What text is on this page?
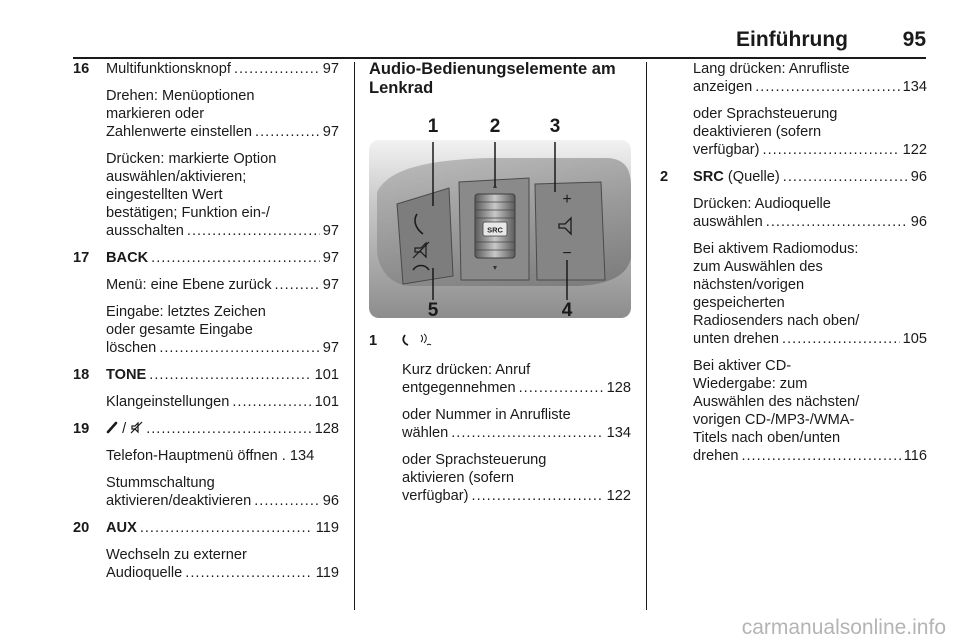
Einführung	95
16 Multifunktionsknopf .....	97
Drehen: Menüoptionen
markieren oder
Zahlenwerte einstellen .....	97
Drücken: markierte Option
auswählen/aktivieren;
eingestellten Wert
bestätigen; Funktion ein-/
ausschalten .....	97
17 BACK .....	97
Menü: eine Ebene zurück .....	97
Eingabe: letztes Zeichen
oder gesamte Eingabe
löschen .....	97
18 TONE .....	101
Klangeinstellungen .....	101
19	/ .....	128
Telefon-Hauptmenü öffnen . 134
Stummschaltung
aktivieren/deaktivieren .....	96
20 AUX .....	119
Wechseln zu externer
Audioquelle .....	119
Audio-Bedienungselemente am
Lenkrad
SRC
+
−
1	2	3
4
5
1

Kurz drücken: Anruf
entgegennehmen .....	128
oder Nummer in Anrufliste
wählen .....	134
oder Sprachsteuerung
aktivieren (sofern
verfügbar) .....	122
Lang drücken: Anrufliste
anzeigen .....	134
oder Sprachsteuerung
deaktivieren (sofern
verfügbar) .....	122
2 SRC (Quelle) .....	96
Drücken: Audioquelle
auswählen .....	96
Bei aktivem Radiomodus:
zum Auswählen des
nächsten/vorigen
gespeicherten
Radiosenders nach oben/
unten drehen .....	105
Bei aktiver CD-
Wiedergabe: zum
Auswählen des nächsten/
vorigen CD-/MP3-/WMA-
Titels nach oben/unten
drehen .....	116
carmanualsonline.info
